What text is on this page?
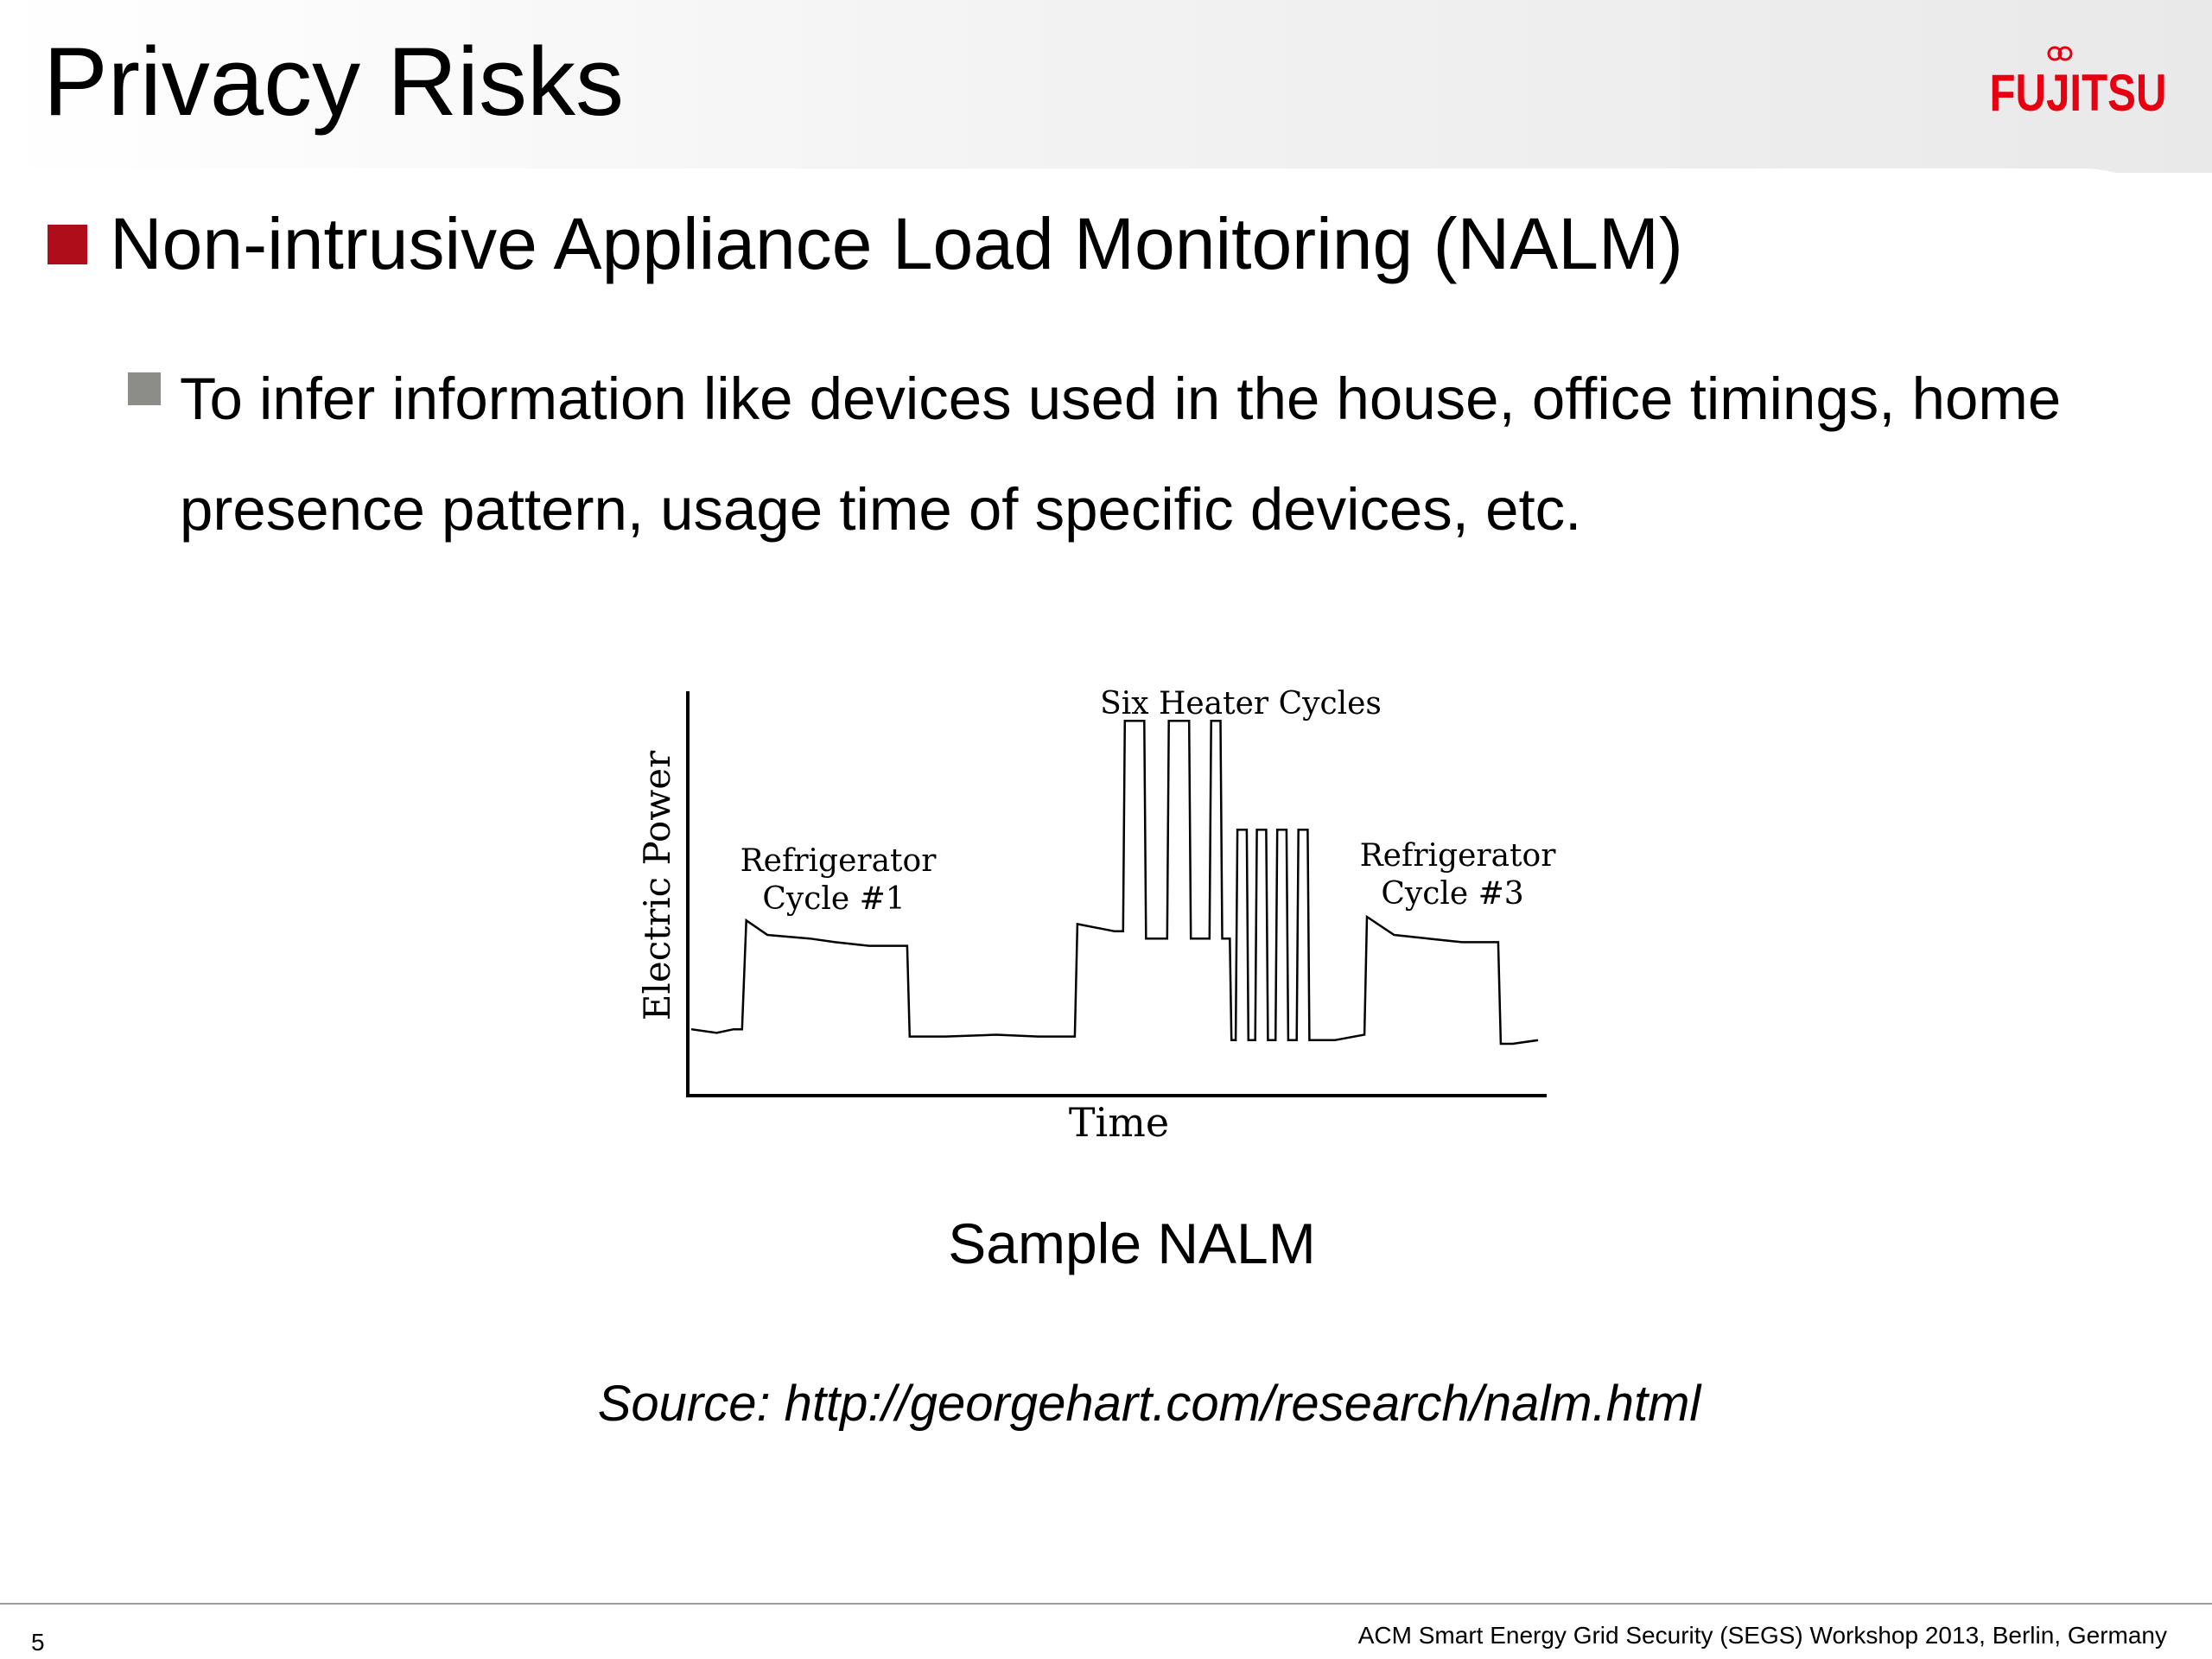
Privacy Risks	FUJITSU

Non-intrusive Appliance Load Monitoring (NALM)

To infer information like devices used in the house, office timings, home presence pattern, usage time of specific devices, etc.

Time
Electric Power Refrigerator
Cycle #1
Six Heater Cycles
Refrigerator
Cycle #3
Sample NALM
Source: http://georgehart.com/research/nalm.html
5	ACM Smart Energy Grid Security (SEGS) Workshop 2013, Berlin, Germany
